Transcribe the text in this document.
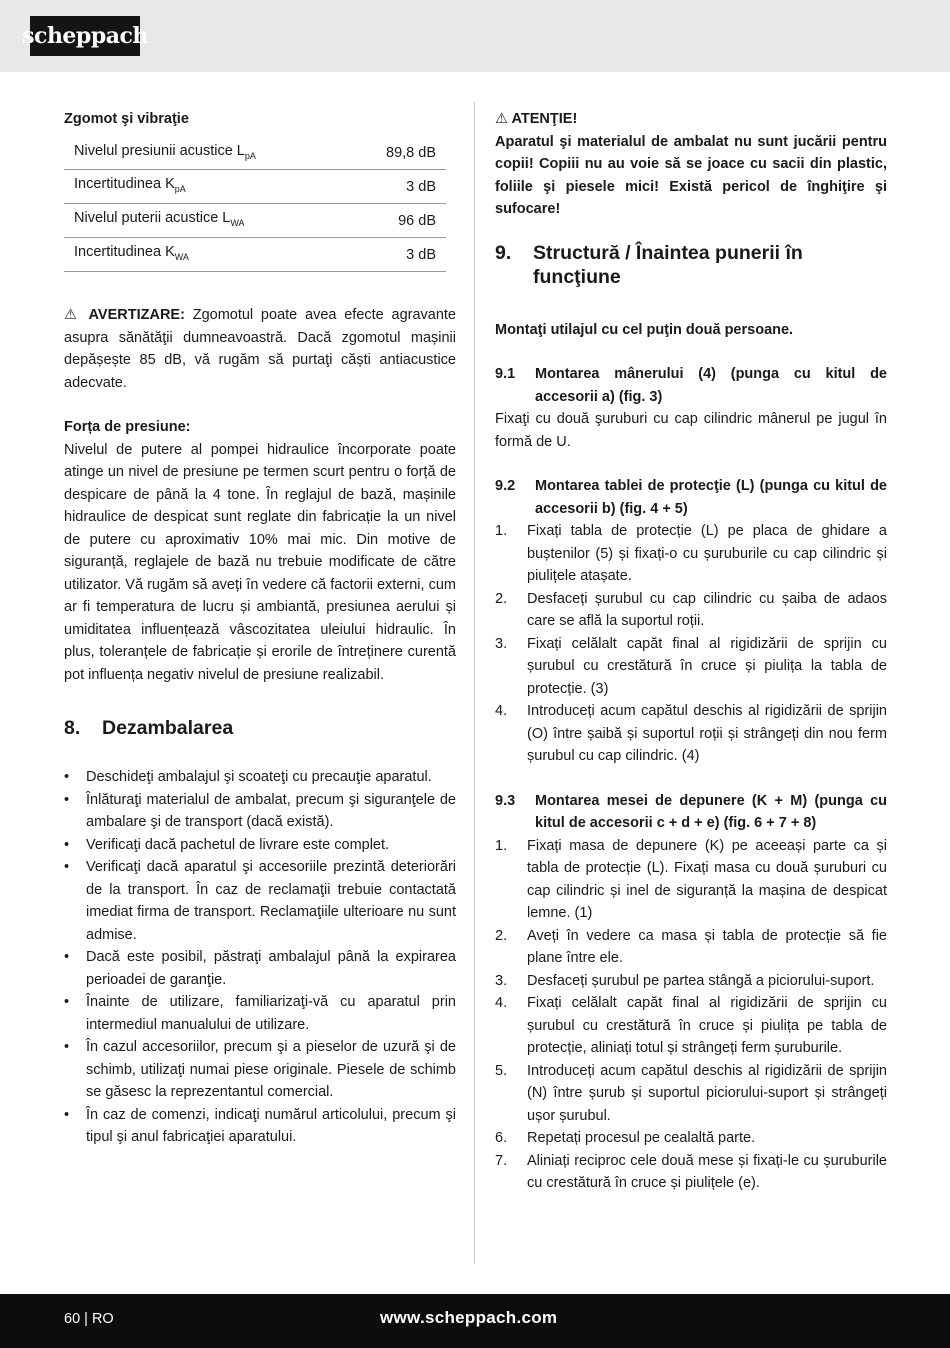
scheppach

Zgomot şi vibraţie

Nivelul presiunii acustice $L_{pA}$	89,8 dB
Incertitudinea $K_{pA}$	3 dB
Nivelul puterii acustice $L_{WA}$	96 dB
Incertitudinea $K_{WA}$	3 dB

⚠ AVERTIZARE: Zgomotul poate avea efecte agravante asupra sănătăţii dumneavoastră. Dacă zgomotul mașinii depășește 85 dB, vă rugăm să purtaţi căști antiacustice adecvate.

Forța de presiune:

Nivelul de putere al pompei hidraulice încorporate poate atinge un nivel de presiune pe termen scurt pentru o forță de despicare de până la 4 tone. În reglajul de bază, mașinile hidraulice de despicat sunt reglate din fabricație la un nivel de putere cu aproximativ 10% mai mic. Din motive de siguranță, reglajele de bază nu trebuie modificate de către utilizator. Vă rugăm să aveți în vedere că factorii externi, cum ar fi temperatura de lucru și ambiantă, presiunea aerului și umiditatea influențează vâscozitatea uleiului hidraulic. În plus, toleranțele de fabricație și erorile de întreținere curentă pot influența negativ nivelul de presiune realizabil.

8.	Dezambalarea
• Deschideţi ambalajul şi scoateţi cu precauţie aparatul.
• Înlăturaţi materialul de ambalat, precum şi siguranţele de ambalare şi de transport (dacă există).
• Verificaţi dacă pachetul de livrare este complet.
• Verificaţi dacă aparatul şi accesoriile prezintă deteriorări de la transport. În caz de reclamaţii trebuie contactată imediat firma de transport. Reclamaţiile ulterioare nu sunt admise.
• Dacă este posibil, păstraţi ambalajul până la expirarea perioadei de garanţie.
• Înainte de utilizare, familiarizaţi-vă cu aparatul prin intermediul manualului de utilizare.
• În cazul accesoriilor, precum şi a pieselor de uzură şi de schimb, utilizaţi numai piese originale. Piesele de schimb se găsesc la reprezentantul comercial.
• În caz de comenzi, indicaţi numărul articolului, precum şi tipul şi anul fabricaţiei aparatului.

⚠ ATENŢIE!

Aparatul şi materialul de ambalat nu sunt jucării pentru copii! Copiii nu au voie să se joace cu sacii din plastic, foliile şi piesele mici! Există pericol de înghiţire şi sufocare!

9.	Structură / Înaintea punerii în funcţiune

Montaţi utilajul cu cel puţin două persoane.

9.1	Montarea mânerului (4) (punga cu kitul de accesorii a) (fig. 3)

Fixaţi cu două şuruburi cu cap cilindric mânerul pe jugul în formă de U.

9.2	Montarea tablei de protecţie (L) (punga cu kitul de accesorii b) (fig. 4 + 5)
1. Fixați tabla de protecție (L) pe placa de ghidare a buștenilor (5) și fixați-o cu șuruburile cu cap cilindric și piulițele atașate.
2. Desfaceți șurubul cu cap cilindric cu șaiba de adaos care se află la suportul roții.
3. Fixați celălalt capăt final al rigidizării de sprijin cu șurubul cu crestătură în cruce și piulița la tabla de protecție. (3)
4. Introduceți acum capătul deschis al rigidizării de sprijin (O) între șaibă și suportul roții și strângeți din nou ferm șurubul cu cap cilindric. (4)
9.3	Montarea mesei de depunere (K + M) (punga cu kitul de accesorii c + d + e) (fig. 6 + 7 + 8)
1. Fixați masa de depunere (K) pe aceeași parte ca și tabla de protecție (L). Fixați masa cu două șuruburi cu cap cilindric și inel de siguranță la mașina de despicat lemne. (1)
2. Aveți în vedere ca masa și tabla de protecție să fie plane între ele.
3. Desfaceți șurubul pe partea stângă a piciorului-suport.
4. Fixați celălalt capăt final al rigidizării de sprijin cu șurubul cu crestătură în cruce și piulița pe tabla de protecție, aliniați totul și strângeți ferm șuruburile.
5. Introduceți acum capătul deschis al rigidizării de sprijin (N) între șurub și suportul piciorului-suport și strângeți ușor șurubul.
6. Repetați procesul pe cealaltă parte.
7. Aliniați reciproc cele două mese și fixați-le cu șuruburile cu crestătură în cruce și piulițele (e).
60 | RO	www.scheppach.com
